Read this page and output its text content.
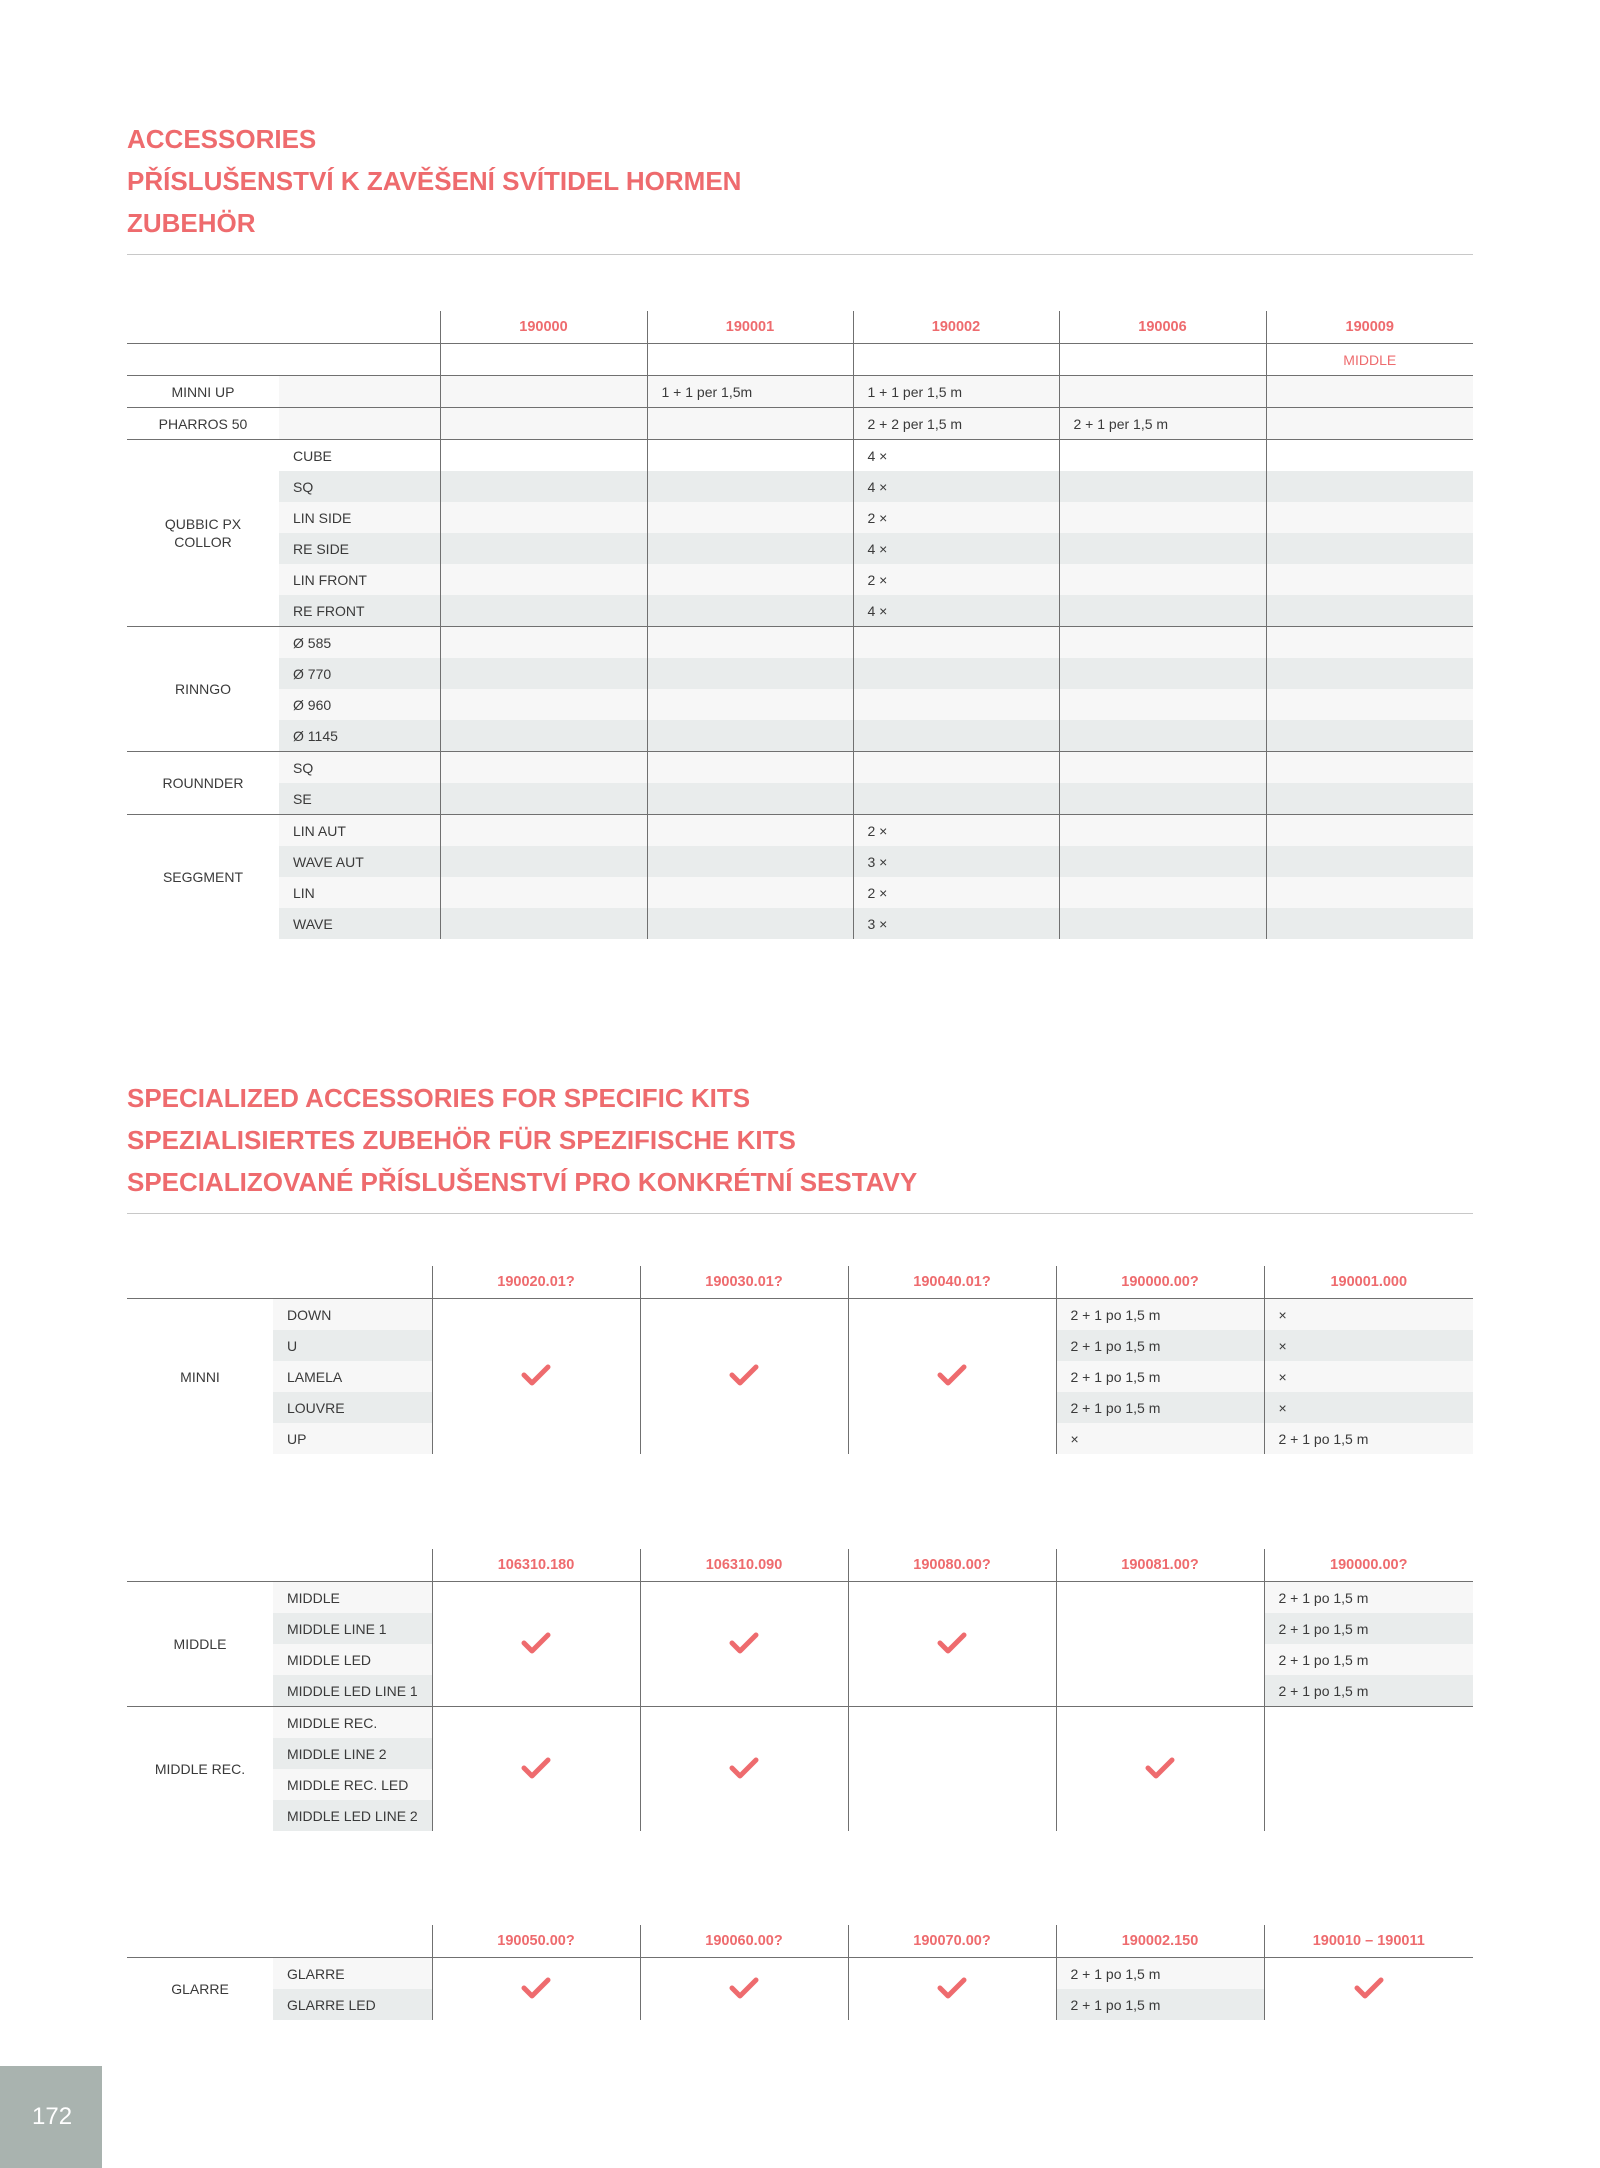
ACCESSORIES
PŘÍSLUŠENSTVÍ K ZAVĚŠENÍ SVÍTIDEL HORMEN
ZUBEHÖR
		190000	190001	190002	190006	190009
						MIDDLE
MINNI UP			1 + 1 per 1,5m	1 + 1 per 1,5 m		
PHARROS 50				2 + 2 per 1,5 m	2 + 1 per 1,5 m	
QUBBIC PX
COLLOR	CUBE			4 ×		
	SQ			4 ×		
	LIN SIDE			2 ×		
	RE SIDE			4 ×		
	LIN FRONT			2 ×		
	RE FRONT			4 ×		
RINNGO	Ø 585					
	Ø 770					
	Ø 960					
	Ø 1145					
ROUNNDER	SQ					
	SE					
SEGGMENT	LIN AUT			2 ×		
	WAVE AUT			3 ×		
	LIN			2 ×		
	WAVE			3 ×		
SPECIALIZED ACCESSORIES FOR SPECIFIC KITS
SPEZIALISIERTES ZUBEHÖR FÜR SPEZIFISCHE KITS
SPECIALIZOVANÉ PŘÍSLUŠENSTVÍ PRO KONKRÉTNÍ SESTAVY
		190020.01?	190030.01?	190040.01?	190000.00?	190001.000
MINNI	DOWN				2 + 1 po 1,5 m	×
	U				2 + 1 po 1,5 m	×
	LAMELA				2 + 1 po 1,5 m	×
	LOUVRE				2 + 1 po 1,5 m	×
	UP				×	2 + 1 po 1,5 m
		106310.180	106310.090	190080.00?	190081.00?	190000.00?
MIDDLE	MIDDLE					2 + 1 po 1,5 m
	MIDDLE LINE 1					2 + 1 po 1,5 m
	MIDDLE LED					2 + 1 po 1,5 m
	MIDDLE LED LINE 1					2 + 1 po 1,5 m
MIDDLE REC.	MIDDLE REC.					
	MIDDLE LINE 2					
	MIDDLE REC. LED					
	MIDDLE LED LINE 2					
		190050.00?	190060.00?	190070.00?	190002.150	190010 – 190011
GLARRE	GLARRE				2 + 1 po 1,5 m	
	GLARRE LED				2 + 1 po 1,5 m	
172
